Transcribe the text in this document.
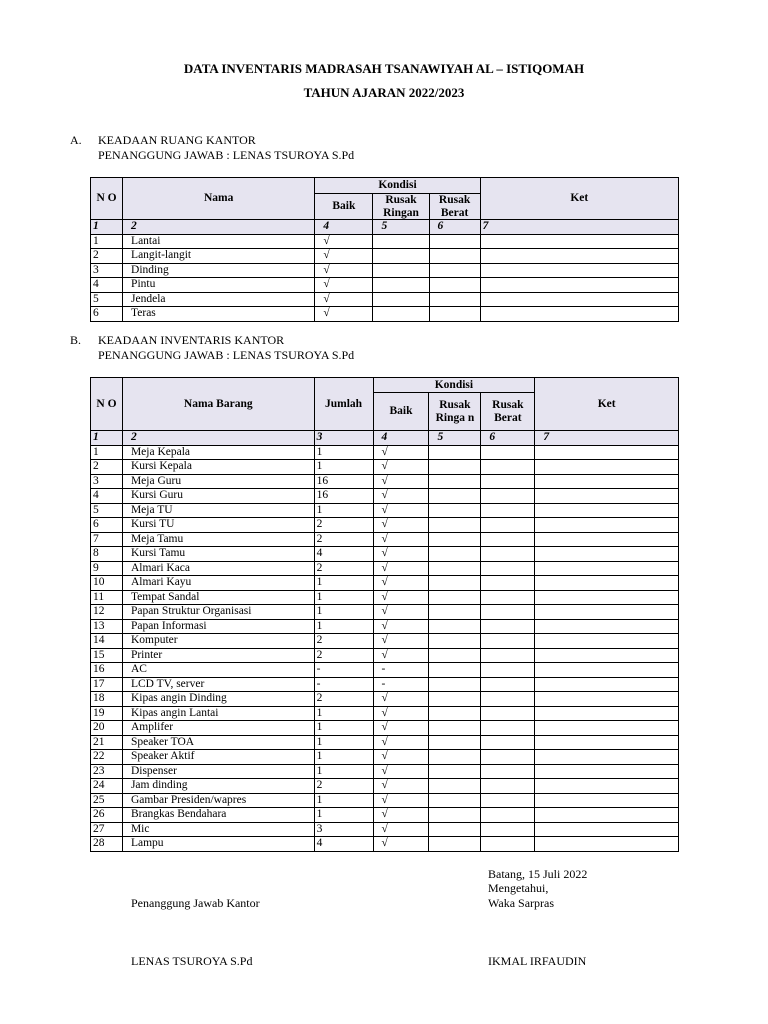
DATA INVENTARIS MADRASAH TSANAWIYAH AL – ISTIQOMAH
TAHUN AJARAN 2022/2023
A. KEADAAN RUANG KANTOR
PENANGGUNG JAWAB : LENAS TSUROYA S.Pd
N O	Nama	Kondisi			Ket
		Baik	Rusak Ringan	Rusak Berat	
1	2	4	5	6	7
1	Lantai	√			
2	Langit-langit	√			
3	Dinding	√			
4	Pintu	√			
5	Jendela	√			
6	Teras	√			
B. KEADAAN INVENTARIS KANTOR
PENANGGUNG JAWAB : LENAS TSUROYA S.Pd
N O	Nama Barang	Jumlah	Kondisi			Ket
			Baik	Rusak Ringa n	Rusak Berat	
1	2	3	4	5	6	7
1	Meja Kepala	1	√			
2	Kursi Kepala	1	√			
3	Meja Guru	16	√			
4	Kursi Guru	16	√			
5	Meja TU	1	√			
6	Kursi TU	2	√			
7	Meja Tamu	2	√			
8	Kursi Tamu	4	√			
9	Almari Kaca	2	√			
10	Almari Kayu	1	√			
11	Tempat Sandal	1	√			
12	Papan Struktur Organisasi	1	√			
13	Papan Informasi	1	√			
14	Komputer	2	√			
15	Printer	2	√			
16	AC	-	-			
17	LCD TV, server	-	-			
18	Kipas angin Dinding	2	√			
19	Kipas angin Lantai	1	√			
20	Amplifer	1	√			
21	Speaker TOA	1	√			
22	Speaker Aktif	1	√			
23	Dispenser	1	√			
24	Jam dinding	2	√			
25	Gambar Presiden/wapres	1	√			
26	Brangkas Bendahara	1	√			
27	Mic	3	√			
28	Lampu	4	√			
Batang, 15 Juli 2022
Mengetahui,
Waka Sarpras
Penanggung Jawab Kantor
LENAS TSUROYA S.Pd	IKMAL IRFAUDIN
